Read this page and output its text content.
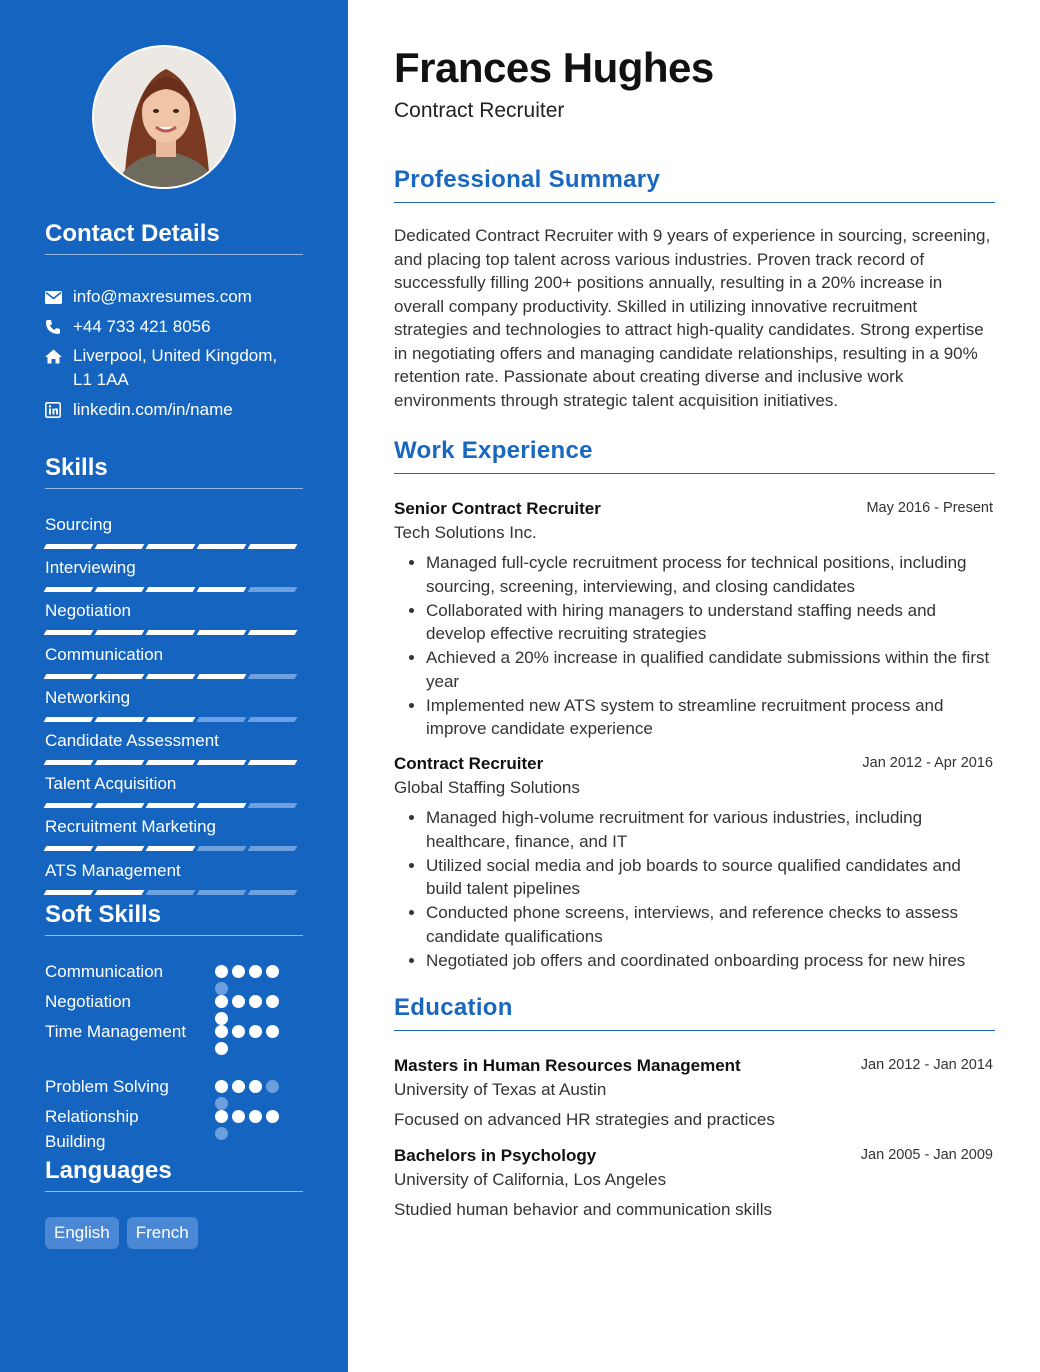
Contact Details
info@maxresumes.com
+44 733 421 8056
Liverpool, United Kingdom,
L1 1AA
linkedin.com/in/name
Skills
Sourcing
Interviewing
Negotiation
Communication
Networking
Candidate Assessment
Talent Acquisition
Recruitment Marketing
ATS Management
Soft Skills
Communication
Negotiation
Time Management
Problem Solving
Relationship Building
Languages
English	French
Frances Hughes
Contract Recruiter
Professional Summary
Dedicated Contract Recruiter with 9 years of experience in sourcing, screening, and placing top talent across various industries. Proven track record of successfully filling 200+ positions annually, resulting in a 20% increase in overall company productivity. Skilled in utilizing innovative recruitment strategies and technologies to attract high-quality candidates. Strong expertise in negotiating offers and managing candidate relationships, resulting in a 90% retention rate. Passionate about creating diverse and inclusive work environments through strategic talent acquisition initiatives.
Work Experience
Senior Contract Recruiter	May 2016 - Present
Tech Solutions Inc.
• Managed full-cycle recruitment process for technical positions, including sourcing, screening, interviewing, and closing candidates
• Collaborated with hiring managers to understand staffing needs and develop effective recruiting strategies
• Achieved a 20% increase in qualified candidate submissions within the first year
• Implemented new ATS system to streamline recruitment process and improve candidate experience
Contract Recruiter	Jan 2012 - Apr 2016
Global Staffing Solutions
• Managed high-volume recruitment for various industries, including healthcare, finance, and IT
• Utilized social media and job boards to source qualified candidates and build talent pipelines
• Conducted phone screens, interviews, and reference checks to assess candidate qualifications
• Negotiated job offers and coordinated onboarding process for new hires
Education
Masters in Human Resources Management	Jan 2012 - Jan 2014
University of Texas at Austin
Focused on advanced HR strategies and practices
Bachelors in Psychology	Jan 2005 - Jan 2009
University of California, Los Angeles
Studied human behavior and communication skills
